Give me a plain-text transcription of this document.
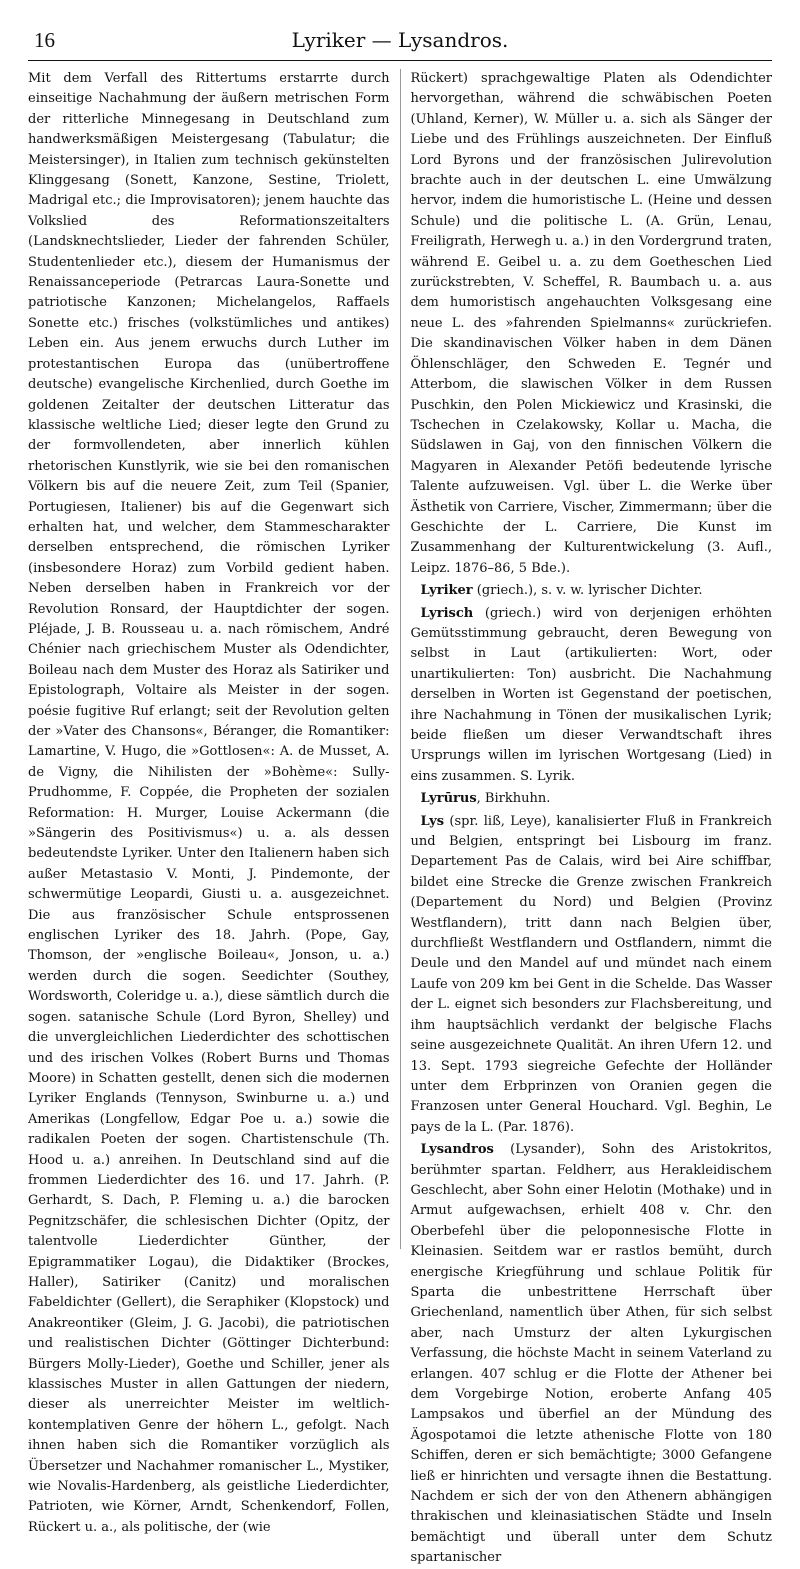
16	Lyriker — Lysandros.

Mit dem Verfall des Rittertums erstarrte durch einseitige Nachahmung der äußern metrischen Form der ritterliche Minnegesang in Deutschland zum handwerksmäßigen Meistergesang (Tabulatur; die Meistersinger), in Italien zum technisch gekünstelten Klinggesang (Sonett, Kanzone, Sestine, Triolett, Madrigal etc.; die Improvisatoren); jenem hauchte das Volkslied des Reformationszeitalters (Landsknechtslieder, Lieder der fahrenden Schüler, Studentenlieder etc.), diesem der Humanismus der Renaissanceperiode (Petrarcas Laura-Sonette und patriotische Kanzonen; Michelangelos, Raffaels Sonette etc.) frisches (volkstümliches und antikes) Leben ein. Aus jenem erwuchs durch Luther im protestantischen Europa das (unübertroffene deutsche) evangelische Kirchenlied, durch Goethe im goldenen Zeitalter der deutschen Litteratur das klassische weltliche Lied; dieser legte den Grund zu der formvollendeten, aber innerlich kühlen rhetorischen Kunstlyrik, wie sie bei den romanischen Völkern bis auf die neuere Zeit, zum Teil (Spanier, Portugiesen, Italiener) bis auf die Gegenwart sich erhalten hat, und welcher, dem Stammescharakter derselben entsprechend, die römischen Lyriker (insbesondere Horaz) zum Vorbild gedient haben. Neben derselben haben in Frankreich vor der Revolution Ronsard, der Hauptdichter der sogen. Pléjade, J. B. Rousseau u. a. nach römischem, André Chénier nach griechischem Muster als Odendichter, Boileau nach dem Muster des Horaz als Satiriker und Epistolograph, Voltaire als Meister in der sogen. poésie fugitive Ruf erlangt; seit der Revolution gelten der »Vater des Chansons«, Béranger, die Romantiker: Lamartine, V. Hugo, die »Gottlosen«: A. de Musset, A. de Vigny, die Nihilisten der »Bohème«: Sully-Prudhomme, F. Coppée, die Propheten der sozialen Reformation: H. Murger, Louise Ackermann (die »Sängerin des Positivismus«) u. a. als dessen bedeutendste Lyriker. Unter den Italienern haben sich außer Metastasio V. Monti, J. Pindemonte, der schwermütige Leopardi, Giusti u. a. ausgezeichnet. Die aus französischer Schule entsprossenen englischen Lyriker des 18. Jahrh. (Pope, Gay, Thomson, der »englische Boileau«, Jonson, u. a.) werden durch die sogen. Seedichter (Southey, Wordsworth, Coleridge u. a.), diese sämtlich durch die sogen. satanische Schule (Lord Byron, Shelley) und die unvergleichlichen Liederdichter des schottischen und des irischen Volkes (Robert Burns und Thomas Moore) in Schatten gestellt, denen sich die modernen Lyriker Englands (Tennyson, Swinburne u. a.) und Amerikas (Longfellow, Edgar Poe u. a.) sowie die radikalen Poeten der sogen. Chartistenschule (Th. Hood u. a.) anreihen. In Deutschland sind auf die frommen Liederdichter des 16. und 17. Jahrh. (P. Gerhardt, S. Dach, P. Fleming u. a.) die barocken Pegnitzschäfer, die schlesischen Dichter (Opitz, der talentvolle Liederdichter Günther, der Epigrammatiker Logau), die Didaktiker (Brockes, Haller), Satiriker (Canitz) und moralischen Fabeldichter (Gellert), die Seraphiker (Klopstock) und Anakreontiker (Gleim, J. G. Jacobi), die patriotischen und realistischen Dichter (Göttinger Dichterbund: Bürgers Molly-Lieder), Goethe und Schiller, jener als klassisches Muster in allen Gattungen der niedern, dieser als unerreichter Meister im weltlich-kontemplativen Genre der höhern L., gefolgt. Nach ihnen haben sich die Romantiker vorzüglich als Übersetzer und Nachahmer romanischer L., Mystiker, wie Novalis-Hardenberg, als geistliche Liederdichter, Patrioten, wie Körner, Arndt, Schenkendorf, Follen, Rückert u. a., als politische, der (wie

Rückert) sprachgewaltige Platen als Odendichter hervorgethan, während die schwäbischen Poeten (Uhland, Kerner), W. Müller u. a. sich als Sänger der Liebe und des Frühlings auszeichneten. Der Einfluß Lord Byrons und der französischen Julirevolution brachte auch in der deutschen L. eine Umwälzung hervor, indem die humoristische L. (Heine und dessen Schule) und die politische L. (A. Grün, Lenau, Freiligrath, Herwegh u. a.) in den Vordergrund traten, während E. Geibel u. a. zu dem Goetheschen Lied zurückstrebten, V. Scheffel, R. Baumbach u. a. aus dem humoristisch angehauchten Volksgesang eine neue L. des »fahrenden Spielmanns« zurückriefen. Die skandinavischen Völker haben in dem Dänen Öhlenschläger, den Schweden E. Tegnér und Atterbom, die slawischen Völker in dem Russen Puschkin, den Polen Mickiewicz und Krasinski, die Tschechen in Czelakowsky, Kollar u. Macha, die Südslawen in Gaj, von den finnischen Völkern die Magyaren in Alexander Petöfi bedeutende lyrische Talente aufzuweisen. Vgl. über L. die Werke über Ästhetik von Carriere, Vischer, Zimmermann; über die Geschichte der L. Carriere, Die Kunst im Zusammenhang der Kulturentwickelung (3. Aufl., Leipz. 1876–86, 5 Bde.).

Lyriker (griech.), s. v. w. lyrischer Dichter.

Lyrisch (griech.) wird von derjenigen erhöhten Gemütsstimmung gebraucht, deren Bewegung von selbst in Laut (artikulierten: Wort, oder unartikulierten: Ton) ausbricht. Die Nachahmung derselben in Worten ist Gegenstand der poetischen, ihre Nachahmung in Tönen der musikalischen Lyrik; beide fließen um dieser Verwandtschaft ihres Ursprungs willen im lyrischen Wortgesang (Lied) in eins zusammen. S. Lyrik.

Lyrūrus, Birkhuhn.

Lys (spr. liß, Leye), kanalisierter Fluß in Frankreich und Belgien, entspringt bei Lisbourg im franz. Departement Pas de Calais, wird bei Aire schiffbar, bildet eine Strecke die Grenze zwischen Frankreich (Departement du Nord) und Belgien (Provinz Westflandern), tritt dann nach Belgien über, durchfließt Westflandern und Ostflandern, nimmt die Deule und den Mandel auf und mündet nach einem Laufe von 209 km bei Gent in die Schelde. Das Wasser der L. eignet sich besonders zur Flachsbereitung, und ihm hauptsächlich verdankt der belgische Flachs seine ausgezeichnete Qualität. An ihren Ufern 12. und 13. Sept. 1793 siegreiche Gefechte der Holländer unter dem Erbprinzen von Oranien gegen die Franzosen unter General Houchard. Vgl. Beghin, Le pays de la L. (Par. 1876).

Lysandros (Lysander), Sohn des Aristokritos, berühmter spartan. Feldherr, aus Herakleidischem Geschlecht, aber Sohn einer Helotin (Mothake) und in Armut aufgewachsen, erhielt 408 v. Chr. den Oberbefehl über die peloponnesische Flotte in Kleinasien. Seitdem war er rastlos bemüht, durch energische Kriegführung und schlaue Politik für Sparta die unbestrittene Herrschaft über Griechenland, namentlich über Athen, für sich selbst aber, nach Umsturz der alten Lykurgischen Verfassung, die höchste Macht in seinem Vaterland zu erlangen. 407 schlug er die Flotte der Athener bei dem Vorgebirge Notion, eroberte Anfang 405 Lampsakos und überfiel an der Mündung des Ägospotamoi die letzte athenische Flotte von 180 Schiffen, deren er sich bemächtigte; 3000 Gefangene ließ er hinrichten und versagte ihnen die Bestattung. Nachdem er sich der von den Athenern abhängigen thrakischen und kleinasiatischen Städte und Inseln bemächtigt und überall unter dem Schutz spartanischer
